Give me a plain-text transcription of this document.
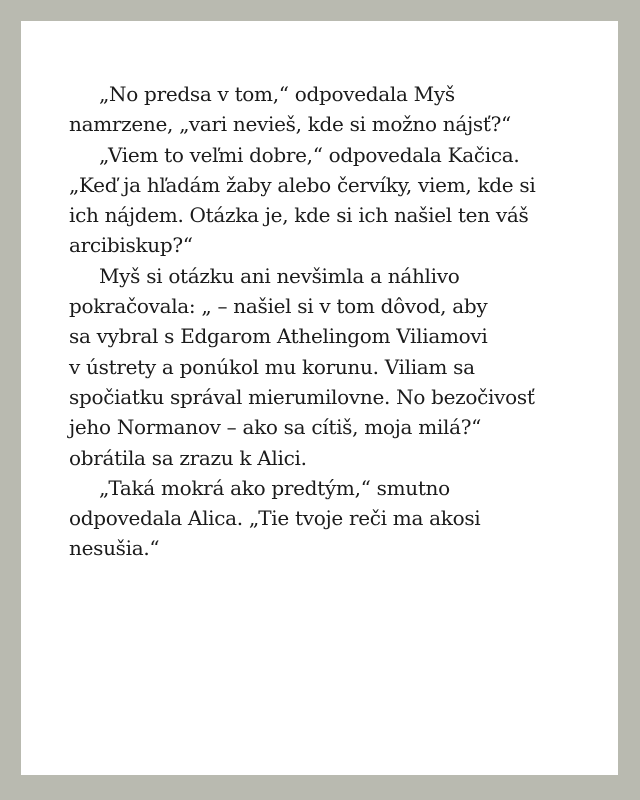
„No predsa v tom,“ odpovedala Myš
namrzene, „vari nevieš, kde si možno nájsť?“
„Viem to veľmi dobre,“ odpovedala Kačica.
„Keď ja hľadám žaby alebo červíky, viem, kde si
ich nájdem. Otázka je, kde si ich našiel ten váš
arcibiskup?“
Myš si otázku ani nevšimla a náhlivo
pokračovala: „ – našiel si v tom dôvod, aby
sa vybral s Edgarom Athelingom Viliamovi
v ústrety a ponúkol mu korunu. Viliam sa
spočiatku správal mierumilovne. No bezočivosť
jeho Normanov – ako sa cítiš, moja milá?“
obrátila sa zrazu k Alici.
„Taká mokrá ako predtým,“ smutno
odpovedala Alica. „Tie tvoje reči ma akosi
nesušia.“
